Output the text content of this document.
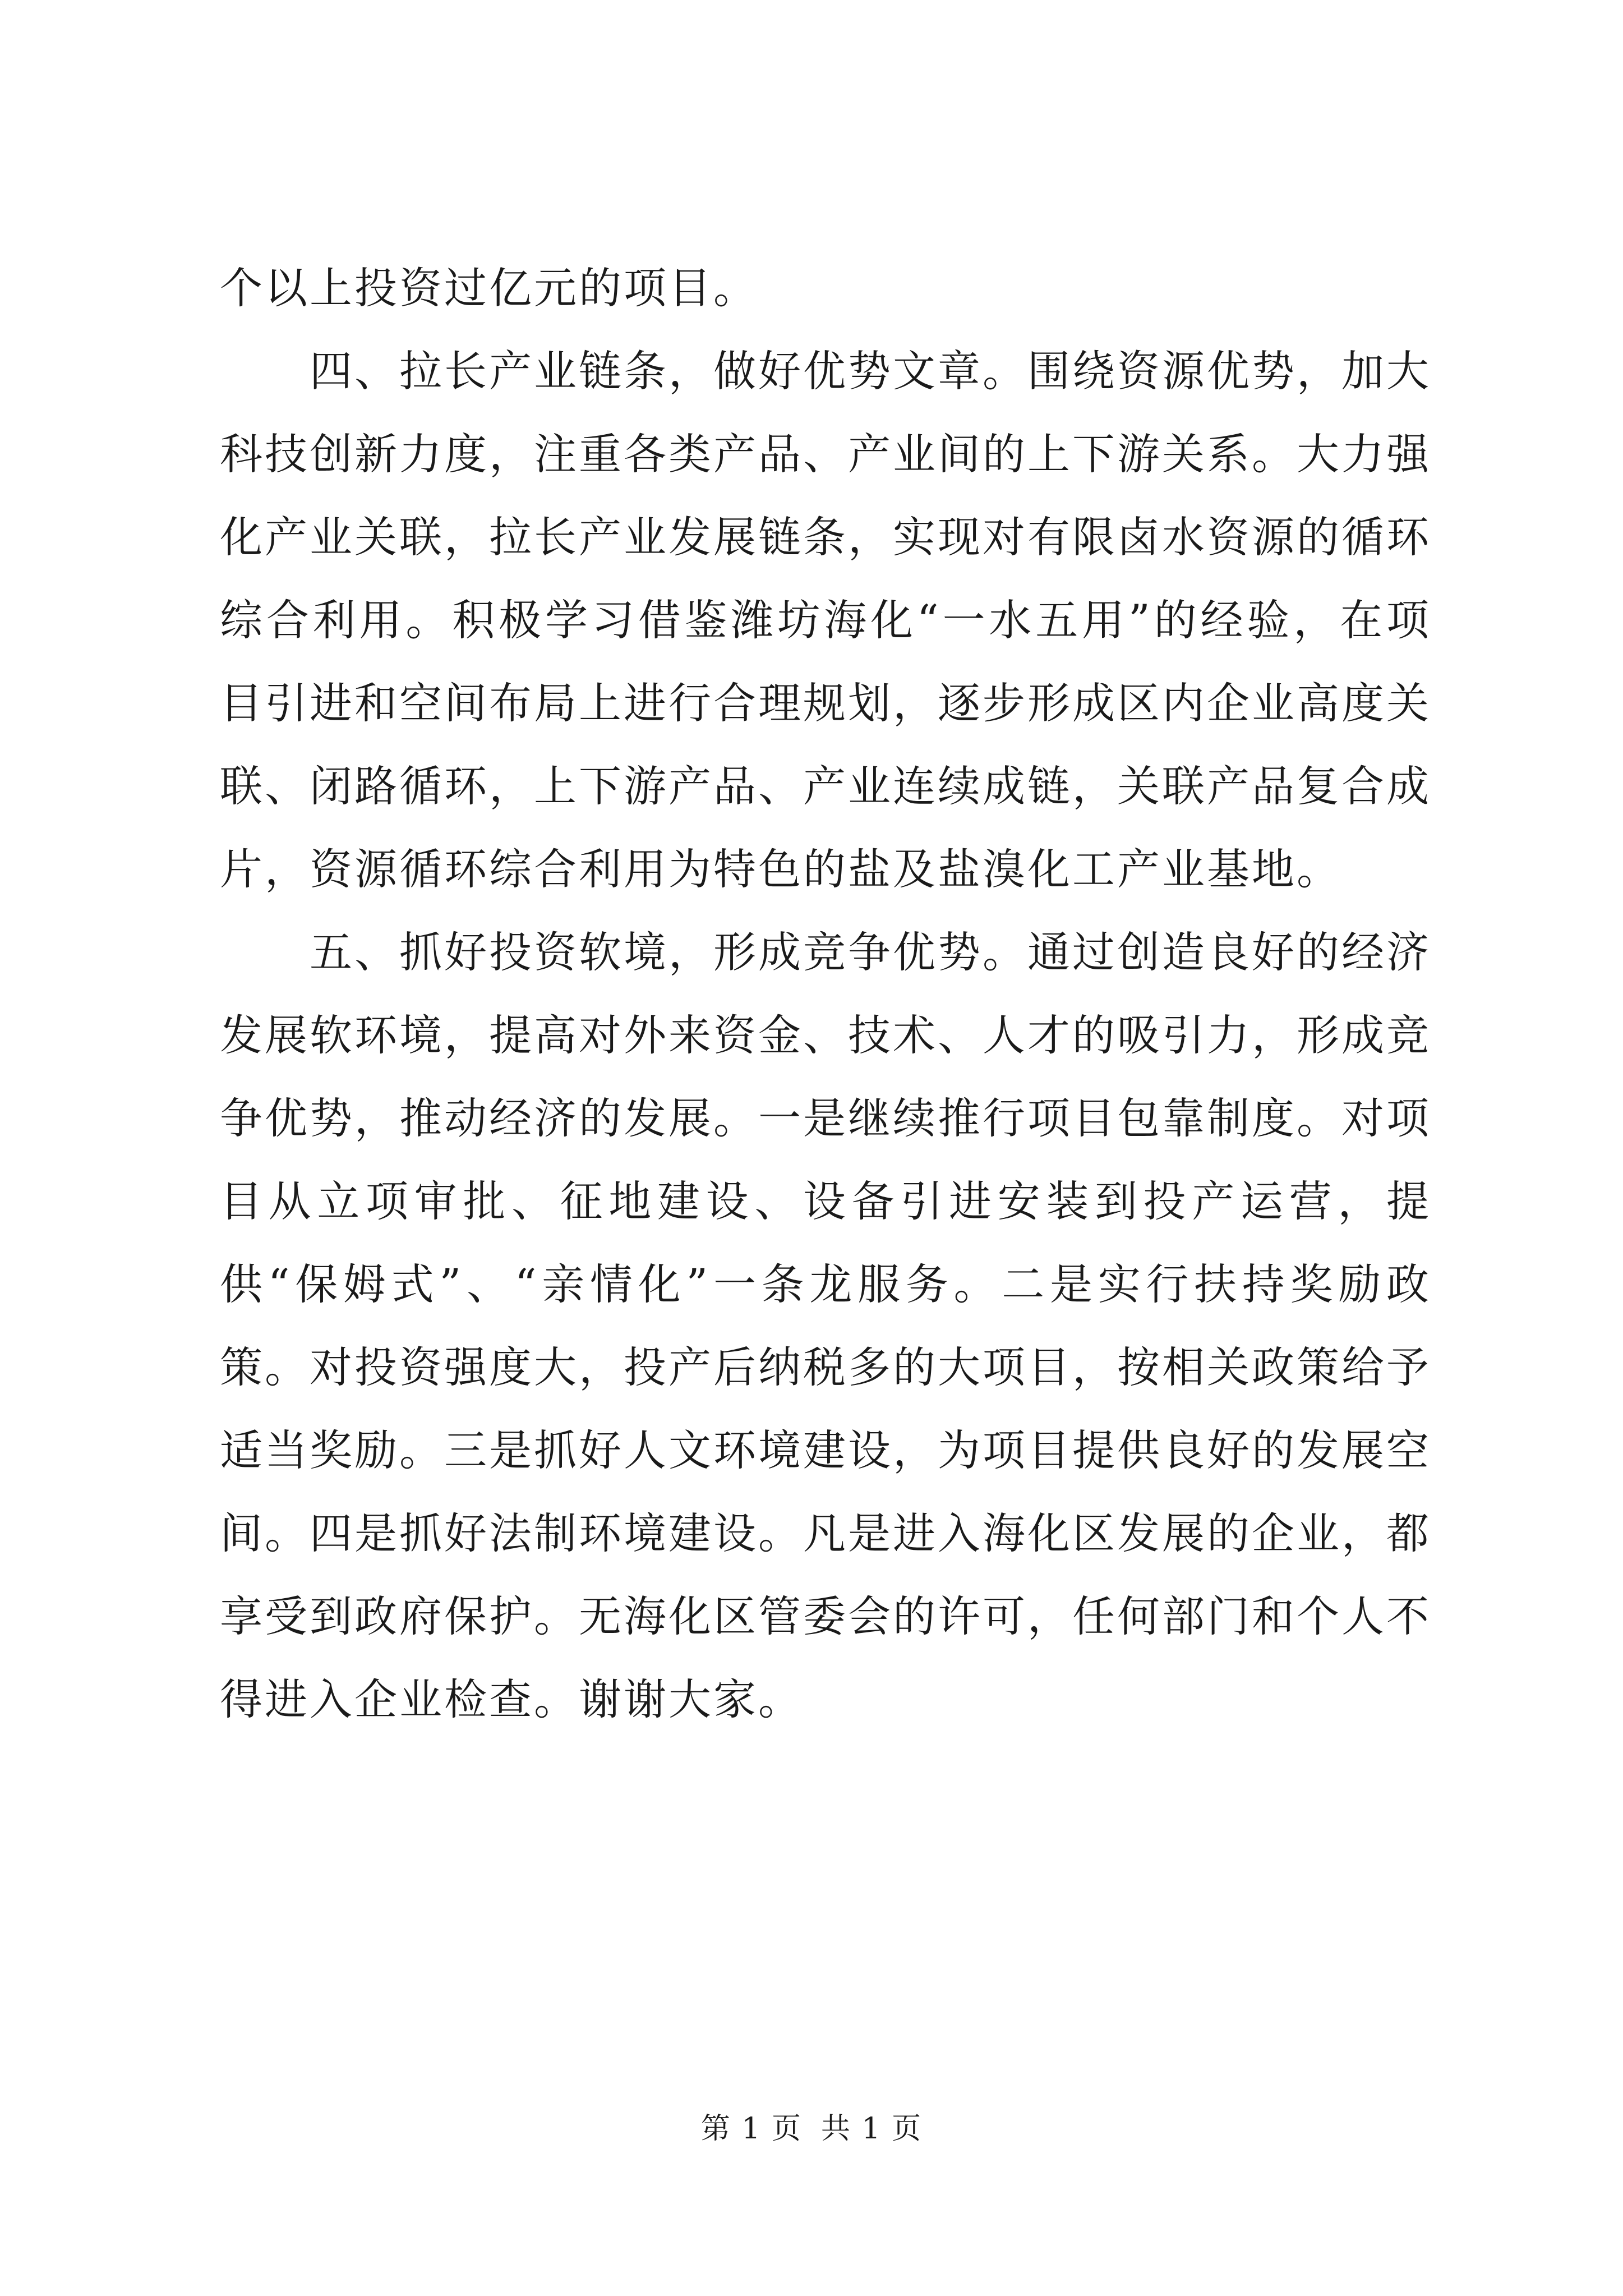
个以上投资过亿元的项目。

四、拉长产业链条，做好优势文章。围绕资源优势，加大科技创新力度，注重各类产品、产业间的上下游关系。大力强化产业关联，拉长产业发展链条，实现对有限卤水资源的循环综合利用。积极学习借鉴潍坊海化“一水五用”的经验，在项目引进和空间布局上进行合理规划，逐步形成区内企业高度关联、闭路循环，上下游产品、产业连续成链，关联产品复合成片，资源循环综合利用为特色的盐及盐溴化工产业基地。

五、抓好投资软境，形成竞争优势。通过创造良好的经济发展软环境，提高对外来资金、技术、人才的吸引力，形成竞争优势，推动经济的发展。一是继续推行项目包靠制度。对项目从立项审批、征地建设、设备引进安装到投产运营，提供“保姆式”、“亲情化”一条龙服务。二是实行扶持奖励政策。对投资强度大，投产后纳税多的大项目，按相关政策给予适当奖励。三是抓好人文环境建设，为项目提供良好的发展空间。四是抓好法制环境建设。凡是进入海化区发展的企业，都享受到政府保护。无海化区管委会的许可，任何部门和个人不得进入企业检查。谢谢大家。

第 1 页 共 1 页
